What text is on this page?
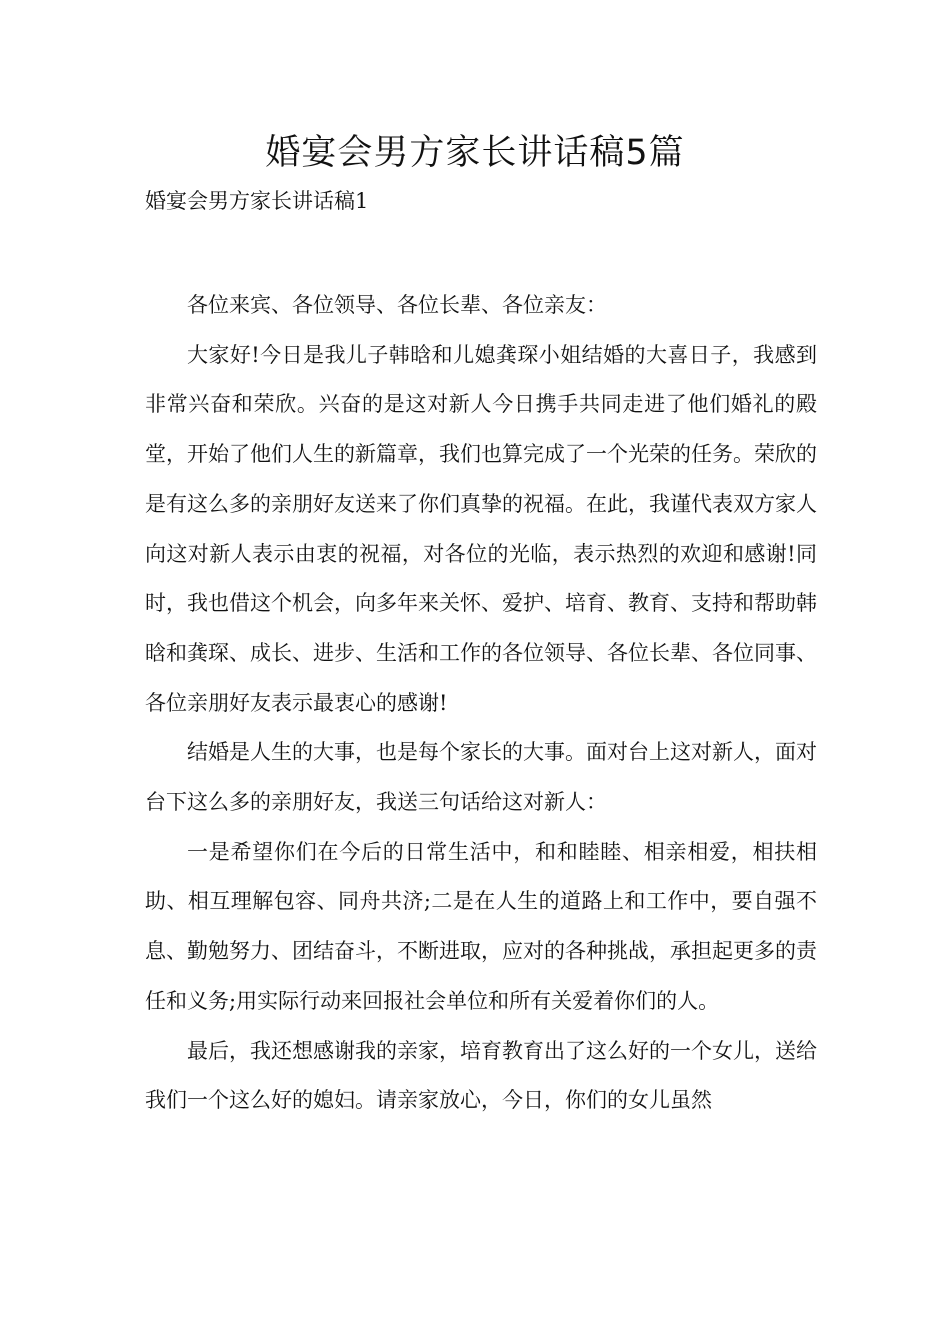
婚宴会男方家长讲话稿5篇

婚宴会男方家长讲话稿1

各位来宾、各位领导、各位长辈、各位亲友：

大家好!今日是我儿子韩晗和儿媳龚琛小姐结婚的大喜日子，我感到非常兴奋和荣欣。兴奋的是这对新人今日携手共同走进了他们婚礼的殿堂，开始了他们人生的新篇章，我们也算完成了一个光荣的任务。荣欣的是有这么多的亲朋好友送来了你们真挚的祝福。在此，我谨代表双方家人向这对新人表示由衷的祝福，对各位的光临，表示热烈的欢迎和感谢!同时，我也借这个机会，向多年来关怀、爱护、培育、教育、支持和帮助韩晗和龚琛、成长、进步、生活和工作的各位领导、各位长辈、各位同事、各位亲朋好友表示最衷心的感谢!

结婚是人生的大事，也是每个家长的大事。面对台上这对新人，面对台下这么多的亲朋好友，我送三句话给这对新人：

一是希望你们在今后的日常生活中，和和睦睦、相亲相爱，相扶相助、相互理解包容、同舟共济;二是在人生的道路上和工作中，要自强不息、勤勉努力、团结奋斗，不断进取，应对的各种挑战，承担起更多的责任和义务;用实际行动来回报社会单位和所有关爱着你们的人。

最后，我还想感谢我的亲家，培育教育出了这么好的一个女儿，送给我们一个这么好的媳妇。请亲家放心，今日，你们的女儿虽然
